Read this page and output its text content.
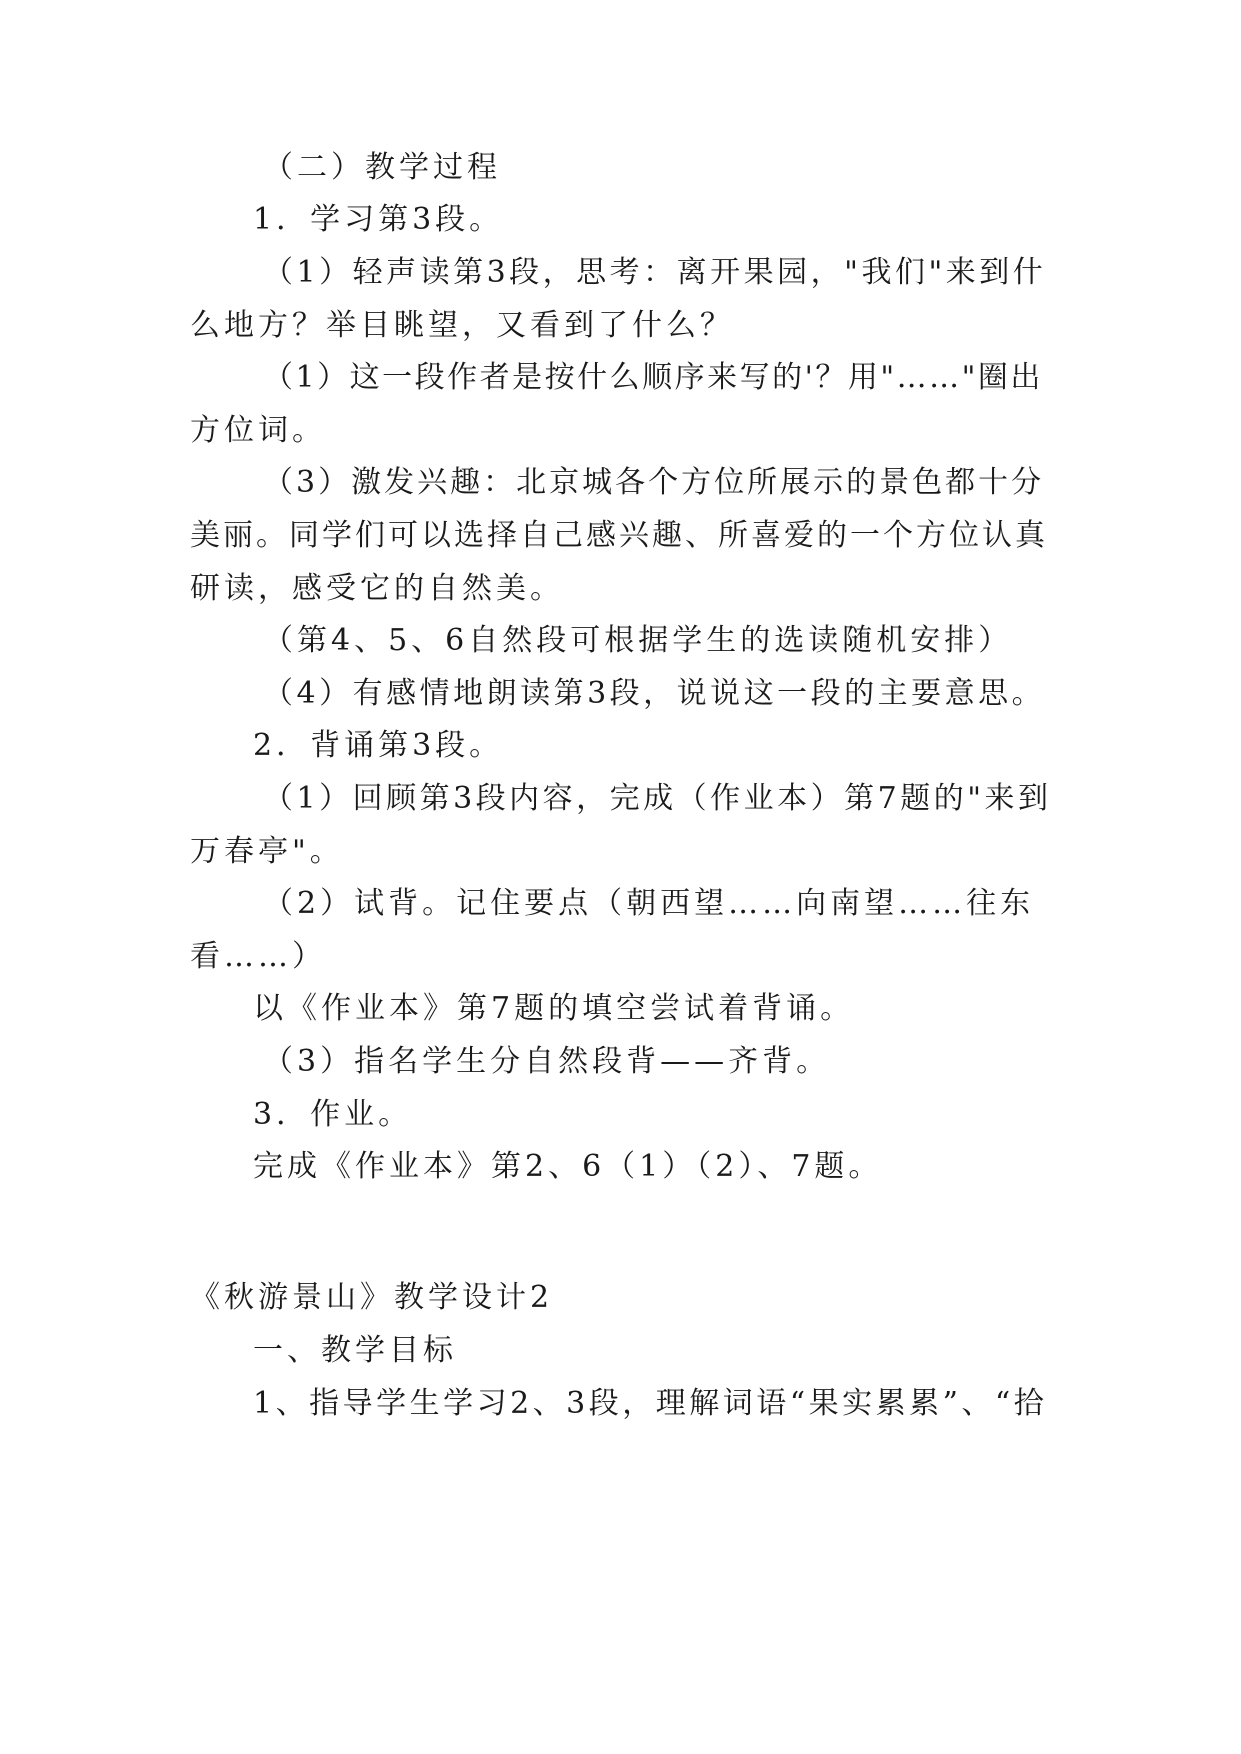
（二）教学过程
1．学习第3段。
（1）轻声读第3段，思考：离开果园，"我们"来到什
么地方？举目眺望，又看到了什么？
（1）这一段作者是按什么顺序来写的'？用"……"圈出
方位词。
（3）激发兴趣：北京城各个方位所展示的景色都十分
美丽。同学们可以选择自己感兴趣、所喜爱的一个方位认真
研读，感受它的自然美。
（第4、5、6自然段可根据学生的选读随机安排）
（4）有感情地朗读第3段，说说这一段的主要意思。
2．背诵第3段。
（1）回顾第3段内容，完成（作业本）第7题的"来到
万春亭"。
（2）试背。记住要点（朝西望……向南望……往东
看……）
以《作业本》第7题的填空尝试着背诵。
（3）指名学生分自然段背——齐背。
3．作业。
完成《作业本》第2、6（1）（2）、7题。
《秋游景山》教学设计2
一、教学目标
1、指导学生学习2、3段，理解词语“果实累累”、“拾
